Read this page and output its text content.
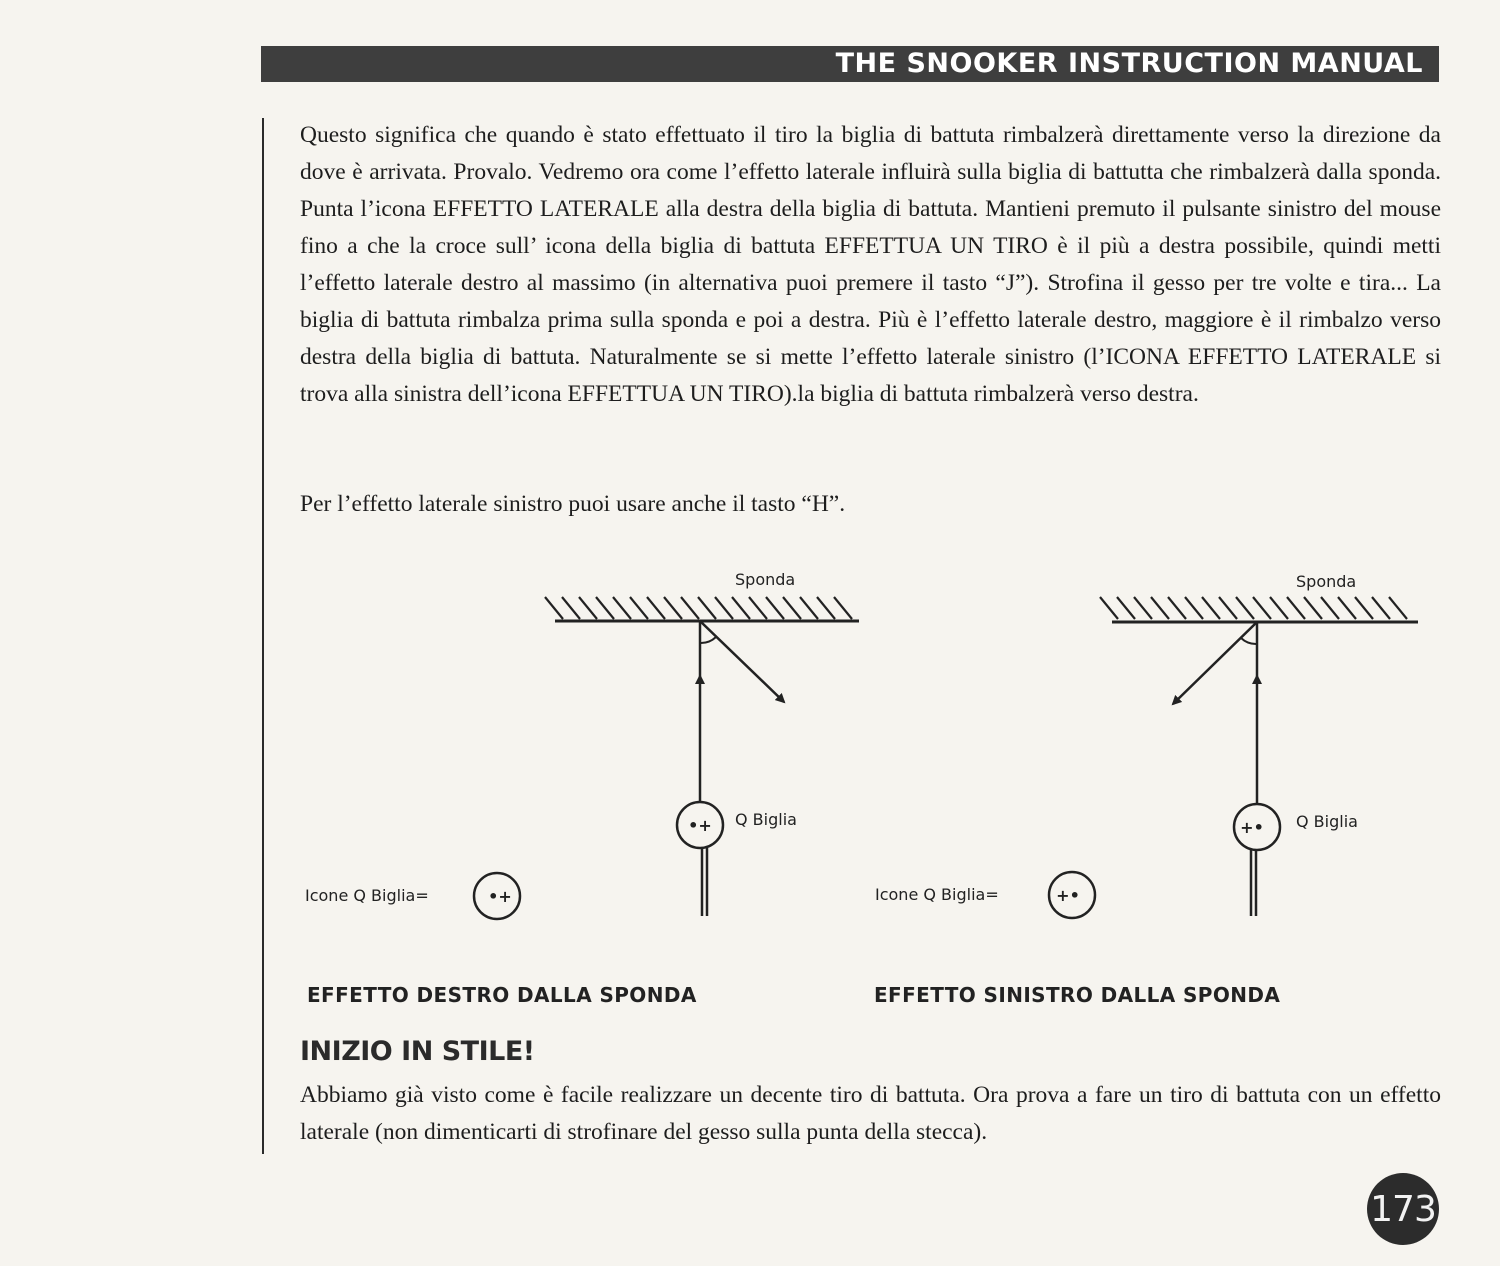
THE SNOOKER INSTRUCTION MANUAL

Questo significa che quando è stato effettuato il tiro la biglia di battuta rimbalzerà direttamente verso la direzione da dove è arrivata. Provalo. Vedremo ora come l’effetto laterale influirà sulla biglia di battutta che rimbalzerà dalla sponda. Punta l’icona EFFETTO LATERALE alla destra della biglia di battuta. Mantieni premuto il pulsante sinistro del mouse fino a che la croce sull’ icona della biglia di battuta EFFETTUA UN TIRO è il più a destra possibile, quindi metti l’effetto laterale destro al massimo (in alternativa puoi premere il tasto “J”). Strofina il gesso per tre volte e tira... La biglia di battuta rimbalza prima sulla sponda e poi a destra. Più è l’effetto laterale destro, maggiore è il rimbalzo verso destra della biglia di battuta. Naturalmente se si mette l’effetto laterale sinistro (l’ICONA EFFETTO LATERALE si trova alla sinistra dell’icona EFFETTUA UN TIRO).la biglia di battuta rimbalzerà verso destra.

Per l’effetto laterale sinistro puoi usare anche il tasto “H”.

Sponda
•+ Q Biglia
Icone Q Biglia=	•+
Sponda
+• Q Biglia
Icone Q Biglia=	+•
EFFETTO DESTRO DALLA SPONDA	EFFETTO SINISTRO DALLA SPONDA
INIZIO IN STILE!

Abbiamo già visto come è facile realizzare un decente tiro di battuta. Ora prova a fare un tiro di battuta con un effetto laterale (non dimenticarti di strofinare del gesso sulla punta della stecca).

173
